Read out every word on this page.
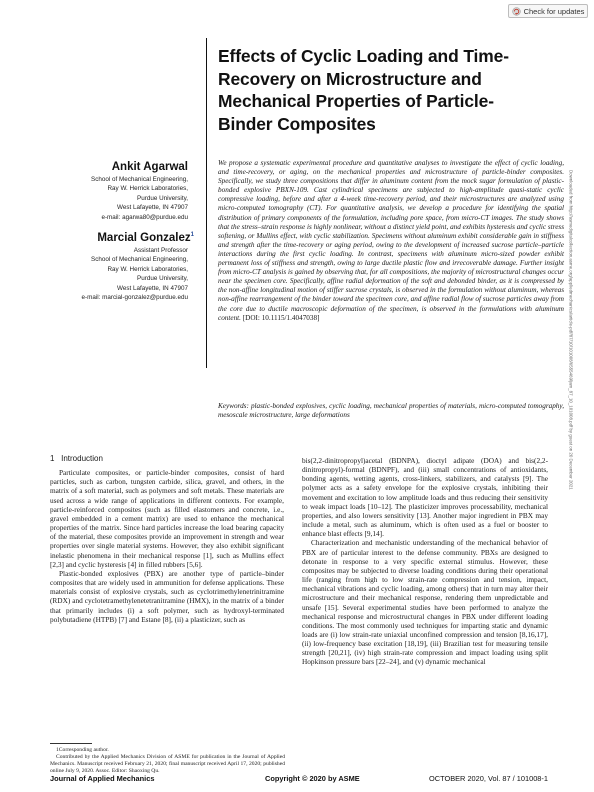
Check for updates
Effects of Cyclic Loading and Time-Recovery on Microstructure and Mechanical Properties of Particle-Binder Composites
Ankit Agarwal
School of Mechanical Engineering,
Ray W. Herrick Laboratories,
Purdue University,
West Lafayette, IN 47907
e-mail: agarwa80@purdue.edu
Marcial Gonzalez$^1$
Assistant Professor
School of Mechanical Engineering,
Ray W. Herrick Laboratories,
Purdue University,
West Lafayette, IN 47907
e-mail: marcial-gonzalez@purdue.edu
We propose a systematic experimental procedure and quantitative analyses to investigate the effect of cyclic loading, and time-recovery, or aging, on the mechanical properties and microstructure of particle-binder composites. Specifically, we study three compositions that differ in aluminum content from the mock sugar formulation of plastic-bonded explosive PBXN-109. Cast cylindrical specimens are subjected to high-amplitude quasi-static cyclic compressive loading, before and after a 4-week time-recovery period, and their microstructures are analyzed using micro-computed tomography (CT). For quantitative analysis, we develop a procedure for identifying the spatial distribution of primary components of the formulation, including pore space, from micro-CT images. The study shows that the stress–strain response is highly nonlinear, without a distinct yield point, and exhibits hysteresis and cyclic stress softening, or Mullins effect, with cyclic stabilization. Specimens without aluminum exhibit considerable gain in stiffness and strength after the time-recovery or aging period, owing to the development of increased sucrose particle–particle interactions during the first cyclic loading. In contrast, specimens with aluminum micro-sized powder exhibit permanent loss of stiffness and strength, owing to large ductile plastic flow and irrecoverable damage. Further insight from micro-CT analysis is gained by observing that, for all compositions, the majority of microstructural changes occur near the specimen core. Specifically, affine radial deformation of the soft and debonded binder, as it is compressed by the non-affine longitudinal motion of stiffer sucrose crystals, is observed in the formulation without aluminum, whereas non-affine rearrangement of the binder toward the specimen core, and affine radial flow of sucrose particles away from the core due to ductile macroscopic deformation of the specimen, is observed in the formulations with aluminum content. [DOI: 10.1115/1.4047038]
Keywords: plastic-bonded explosives, cyclic loading, mechanical properties of materials, micro-computed tomography, mesoscale microstructure, large deformations	Downloaded from http://asmedigitalcollection.asme.org/appliedmechanics/article-pdf/87/10/101008/6555469/jam_87_10_101008.pdf by guest on 20 December 2021
1 Introduction

Particulate composites, or particle-binder composites, consist of hard particles, such as carbon, tungsten carbide, silica, gravel, and others, in the matrix of a soft material, such as polymers and soft metals. These materials are used across a wide range of applications in different contexts. For example, particle-reinforced composites (such as filled elastomers and concrete, i.e., gravel embedded in a cement matrix) are used to enhance the mechanical properties of the matrix. Since hard particles increase the load bearing capacity of the material, these composites provide an improvement in strength and wear properties over single material systems. However, they also exhibit significant inelastic phenomena in their mechanical response [1], such as Mullins effect [2,3] and cyclic hysteresis [4] in filled rubbers [5,6].

Plastic-bonded explosives (PBX) are another type of particle–binder composites that are widely used in ammunition for defense applications. These materials consist of explosive crystals, such as cyclotrimethylenetrinitramine (RDX) and cyclotetramethylenetetranitramine (HMX), in the matrix of a binder that primarily includes (i) a soft polymer, such as hydroxyl-terminated polybutadiene (HTPB) [7] and Estane [8], (ii) a plasticizer, such as

bis(2,2-dinitropropyl)acetal (BDNPA), dioctyl adipate (DOA) and bis(2,2-dinitropropyl)-formal (BDNPF), and (iii) small concentrations of antioxidants, bonding agents, wetting agents, cross-linkers, stabilizers, and catalysts [9]. The polymer acts as a safety envelope for the explosive crystals, inhibiting their movement and excitation to low amplitude loads and thus reducing their sensitivity to weak impact loads [10–12]. The plasticizer improves processability, mechanical properties, and also lowers sensitivity [13]. Another major ingredient in PBX may include a metal, such as aluminum, which is often used as a fuel or booster to enhance blast effects [9,14].

Characterization and mechanistic understanding of the mechanical behavior of PBX are of particular interest to the defense community. PBXs are designed to detonate in response to a very specific external stimulus. However, these composites may be subjected to diverse loading conditions during their operational life (ranging from high to low strain-rate compression and tension, impact, mechanical vibrations and cyclic loading, among others) that in turn may alter their microstructure and their mechanical response, rendering them unpredictable and unsafe [15]. Several experimental studies have been performed to analyze the mechanical response and microstructural changes in PBX under different loading conditions. The most commonly used techniques for imparting static and dynamic loads are (i) low strain-rate uniaxial unconfined compression and tension [8,16,17], (ii) low-frequency base excitation [18,19], (iii) Brazilian test for measuring tensile strength [20,21], (iv) high strain-rate compression and impact loading using split Hopkinson pressure bars [22–24], and (v) dynamic mechanical

1Corresponding author.

Contributed by the Applied Mechanics Division of ASME for publication in the Journal of Applied Mechanics. Manuscript received February 21, 2020; final manuscript received April 17, 2020; published online July 9, 2020. Assoc. Editor: Shaoxing Qu.

Journal of Applied Mechanics	Copyright © 2020 by ASME	OCTOBER 2020, Vol. 87 / 101008-1
